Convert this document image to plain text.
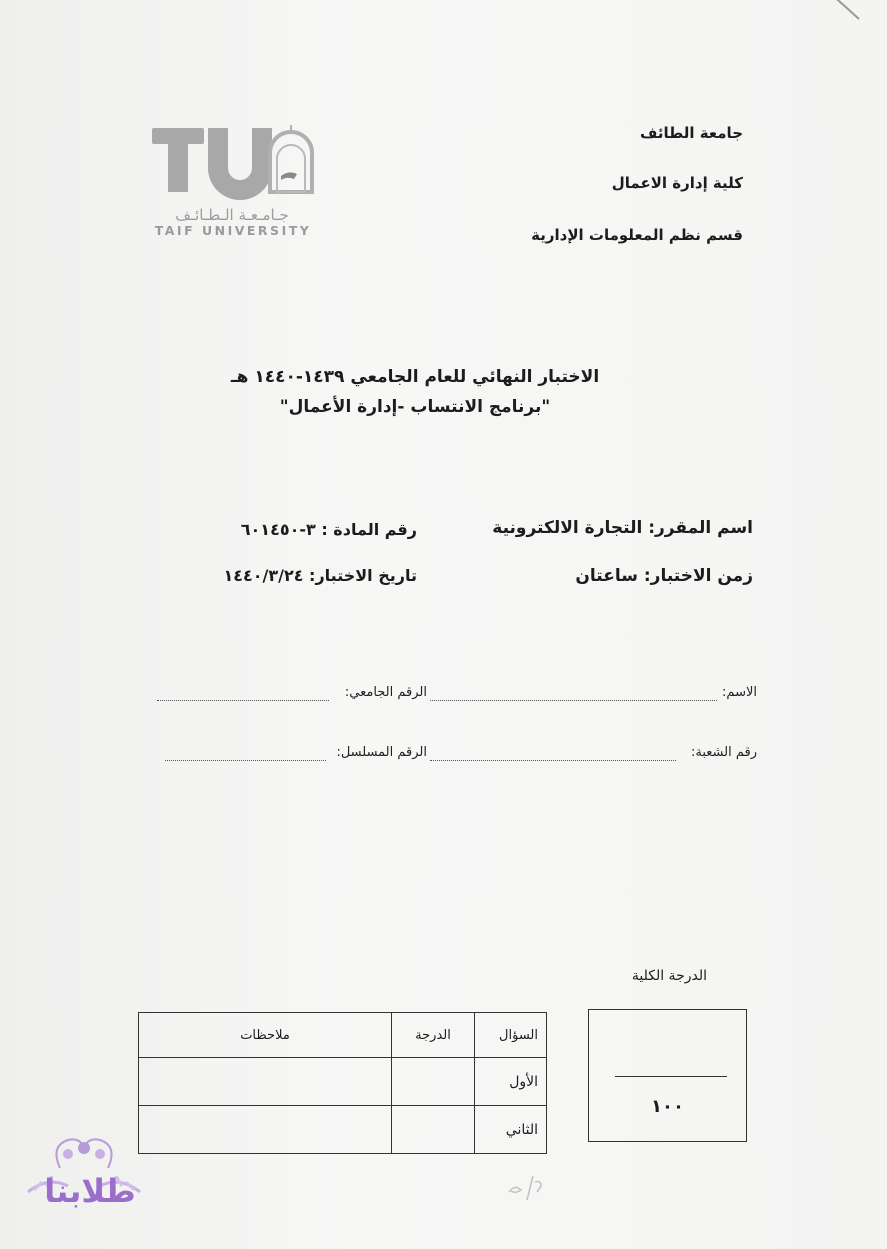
جامعة الطائف
كلية إدارة الاعمال
قسم نظم المعلومات الإدارية
جـامـعـة الـطـائـف
TAIF UNIVERSITY
الاختبار النهائي للعام الجامعي ١٤٣٩-١٤٤٠ هـ
"برنامج الانتساب -إدارة الأعمال"
اسم المقرر: التجارة الالكترونية
رقم المادة : ٣-٦٠١٤٥٠
زمن الاختبار: ساعتان
تاريخ الاختبار: ١٤٤٠/٣/٢٤
الاسم:
الرقم الجامعي:
رقم الشعبة:
الرقم المسلسل:
الدرجة الكلية
١٠٠
السؤال	الدرجة	ملاحظات
الأول		
الثاني		
طلابنا
